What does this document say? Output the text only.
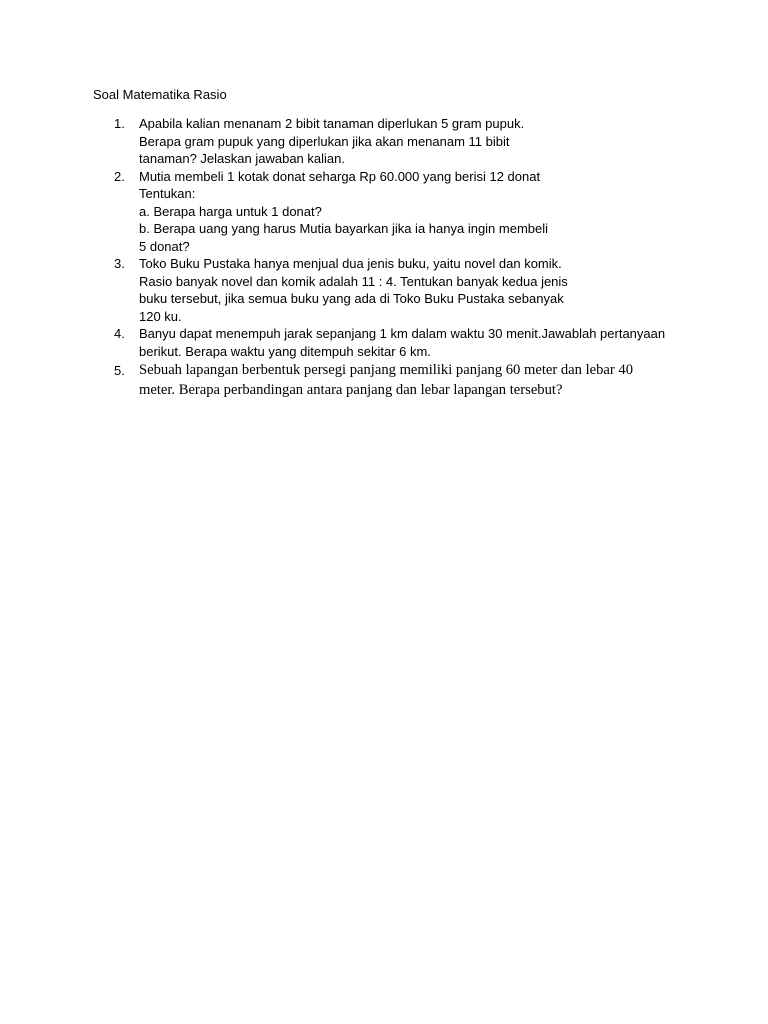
Soal Matematika Rasio
1.	Apabila kalian menanam 2 bibit tanaman diperlukan 5 gram pupuk.
Berapa gram pupuk yang diperlukan jika akan menanam 11 bibit
tanaman? Jelaskan jawaban kalian.
2.	Mutia membeli 1 kotak donat seharga Rp 60.000 yang berisi 12 donat
Tentukan:
a. Berapa harga untuk 1 donat?
b. Berapa uang yang harus Mutia bayarkan jika ia hanya ingin membeli
5 donat?
3.	Toko Buku Pustaka hanya menjual dua jenis buku, yaitu novel dan komik.
Rasio banyak novel dan komik adalah 11 : 4. Tentukan banyak kedua jenis
buku tersebut, jika semua buku yang ada di Toko Buku Pustaka sebanyak
120 ku.
4.	Banyu dapat menempuh jarak sepanjang 1 km dalam waktu 30 menit.Jawablah pertanyaan
berikut. Berapa waktu yang ditempuh sekitar 6 km.
5. Sebuah lapangan berbentuk persegi panjang memiliki panjang 60 meter dan lebar 40
meter. Berapa perbandingan antara panjang dan lebar lapangan tersebut?
